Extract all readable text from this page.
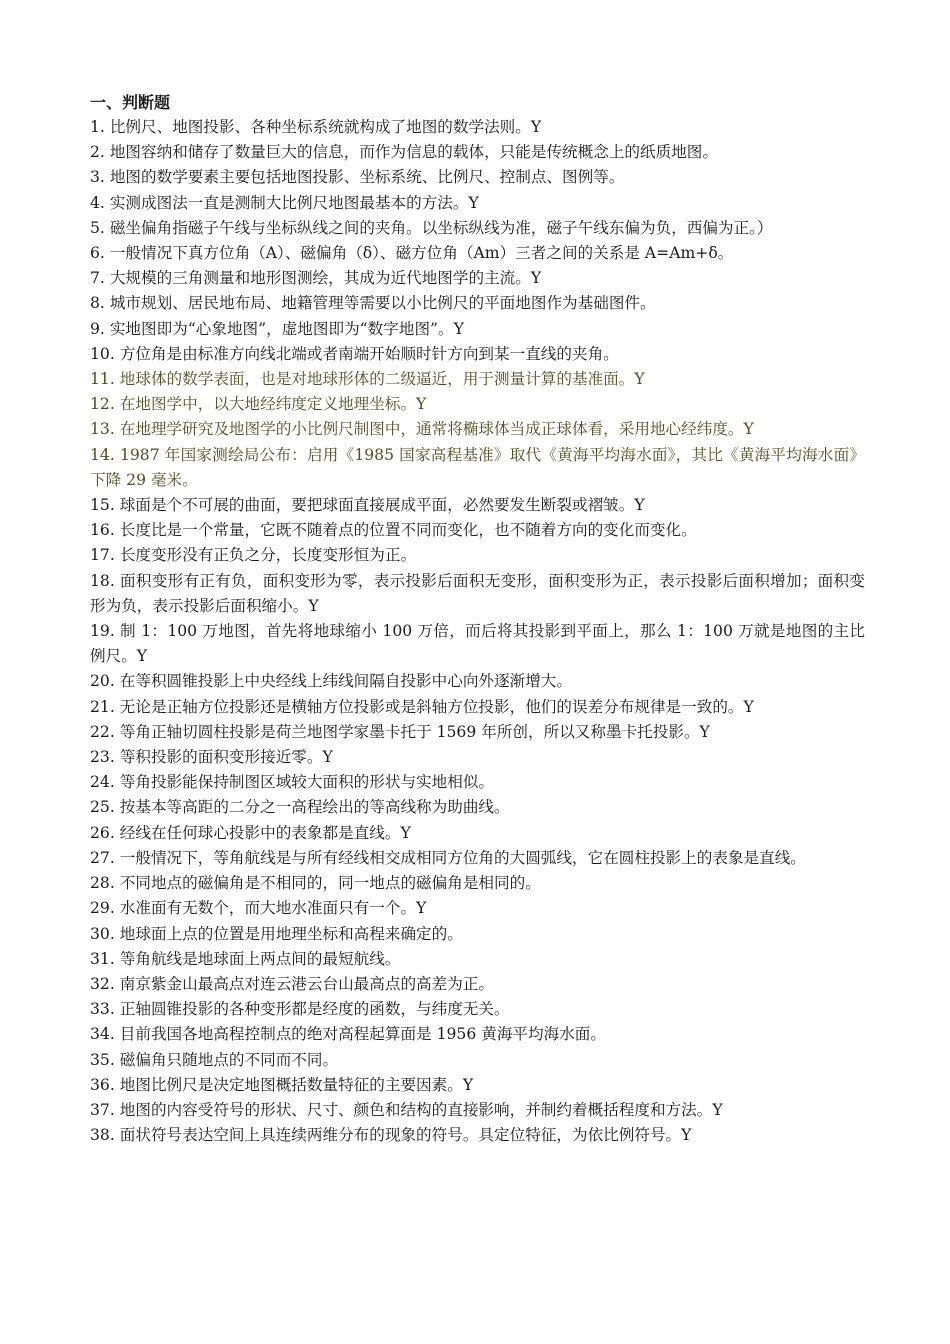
一、判断题
1. 比例尺、地图投影、各种坐标系统就构成了地图的数学法则。Y
2. 地图容纳和储存了数量巨大的信息，而作为信息的载体，只能是传统概念上的纸质地图。
3. 地图的数学要素主要包括地图投影、坐标系统、比例尺、控制点、图例等。
4. 实测成图法一直是测制大比例尺地图最基本的方法。Y
5. 磁坐偏角指磁子午线与坐标纵线之间的夹角。以坐标纵线为准，磁子午线东偏为负，西偏为正。）
6. 一般情况下真方位角（A）、磁偏角（δ）、磁方位角（Am）三者之间的关系是 A=Am+δ。
7. 大规模的三角测量和地形图测绘，其成为近代地图学的主流。Y
8. 城市规划、居民地布局、地籍管理等需要以小比例尺的平面地图作为基础图件。
9. 实地图即为“心象地图”，虚地图即为“数字地图”。Y
10. 方位角是由标准方向线北端或者南端开始顺时针方向到某一直线的夹角。
11. 地球体的数学表面，也是对地球形体的二级逼近，用于测量计算的基准面。Y
12. 在地图学中，以大地经纬度定义地理坐标。Y
13. 在地理学研究及地图学的小比例尺制图中，通常将椭球体当成正球体看，采用地心经纬度。Y
14. 1987 年国家测绘局公布：启用《1985 国家高程基准》取代《黄海平均海水面》，其比《黄海平均海水面》下降 29 毫米。
15. 球面是个不可展的曲面，要把球面直接展成平面，必然要发生断裂或褶皱。Y
16. 长度比是一个常量，它既不随着点的位置不同而变化，也不随着方向的变化而变化。
17. 长度变形没有正负之分，长度变形恒为正。
18. 面积变形有正有负，面积变形为零，表示投影后面积无变形，面积变形为正，表示投影后面积增加；面积变形为负，表示投影后面积缩小。Y
19. 制 1：100 万地图，首先将地球缩小 100 万倍，而后将其投影到平面上，那么 1：100 万就是地图的主比例尺。Y
20. 在等积圆锥投影上中央经线上纬线间隔自投影中心向外逐渐增大。
21. 无论是正轴方位投影还是横轴方位投影或是斜轴方位投影，他们的误差分布规律是一致的。Y
22. 等角正轴切圆柱投影是荷兰地图学家墨卡托于 1569 年所创，所以又称墨卡托投影。Y
23. 等积投影的面积变形接近零。Y
24. 等角投影能保持制图区域较大面积的形状与实地相似。
25. 按基本等高距的二分之一高程绘出的等高线称为助曲线。
26. 经线在任何球心投影中的表象都是直线。Y
27. 一般情况下，等角航线是与所有经线相交成相同方位角的大圆弧线，它在圆柱投影上的表象是直线。
28. 不同地点的磁偏角是不相同的，同一地点的磁偏角是相同的。
29. 水准面有无数个，而大地水准面只有一个。Y
30. 地球面上点的位置是用地理坐标和高程来确定的。
31. 等角航线是地球面上两点间的最短航线。
32. 南京紫金山最高点对连云港云台山最高点的高差为正。
33. 正轴圆锥投影的各种变形都是经度的函数，与纬度无关。
34. 目前我国各地高程控制点的绝对高程起算面是 1956 黄海平均海水面。
35. 磁偏角只随地点的不同而不同。
36. 地图比例尺是决定地图概括数量特征的主要因素。Y
37. 地图的内容受符号的形状、尺寸、颜色和结构的直接影响，并制约着概括程度和方法。Y
38. 面状符号表达空间上具连续两维分布的现象的符号。具定位特征，为依比例符号。Y
